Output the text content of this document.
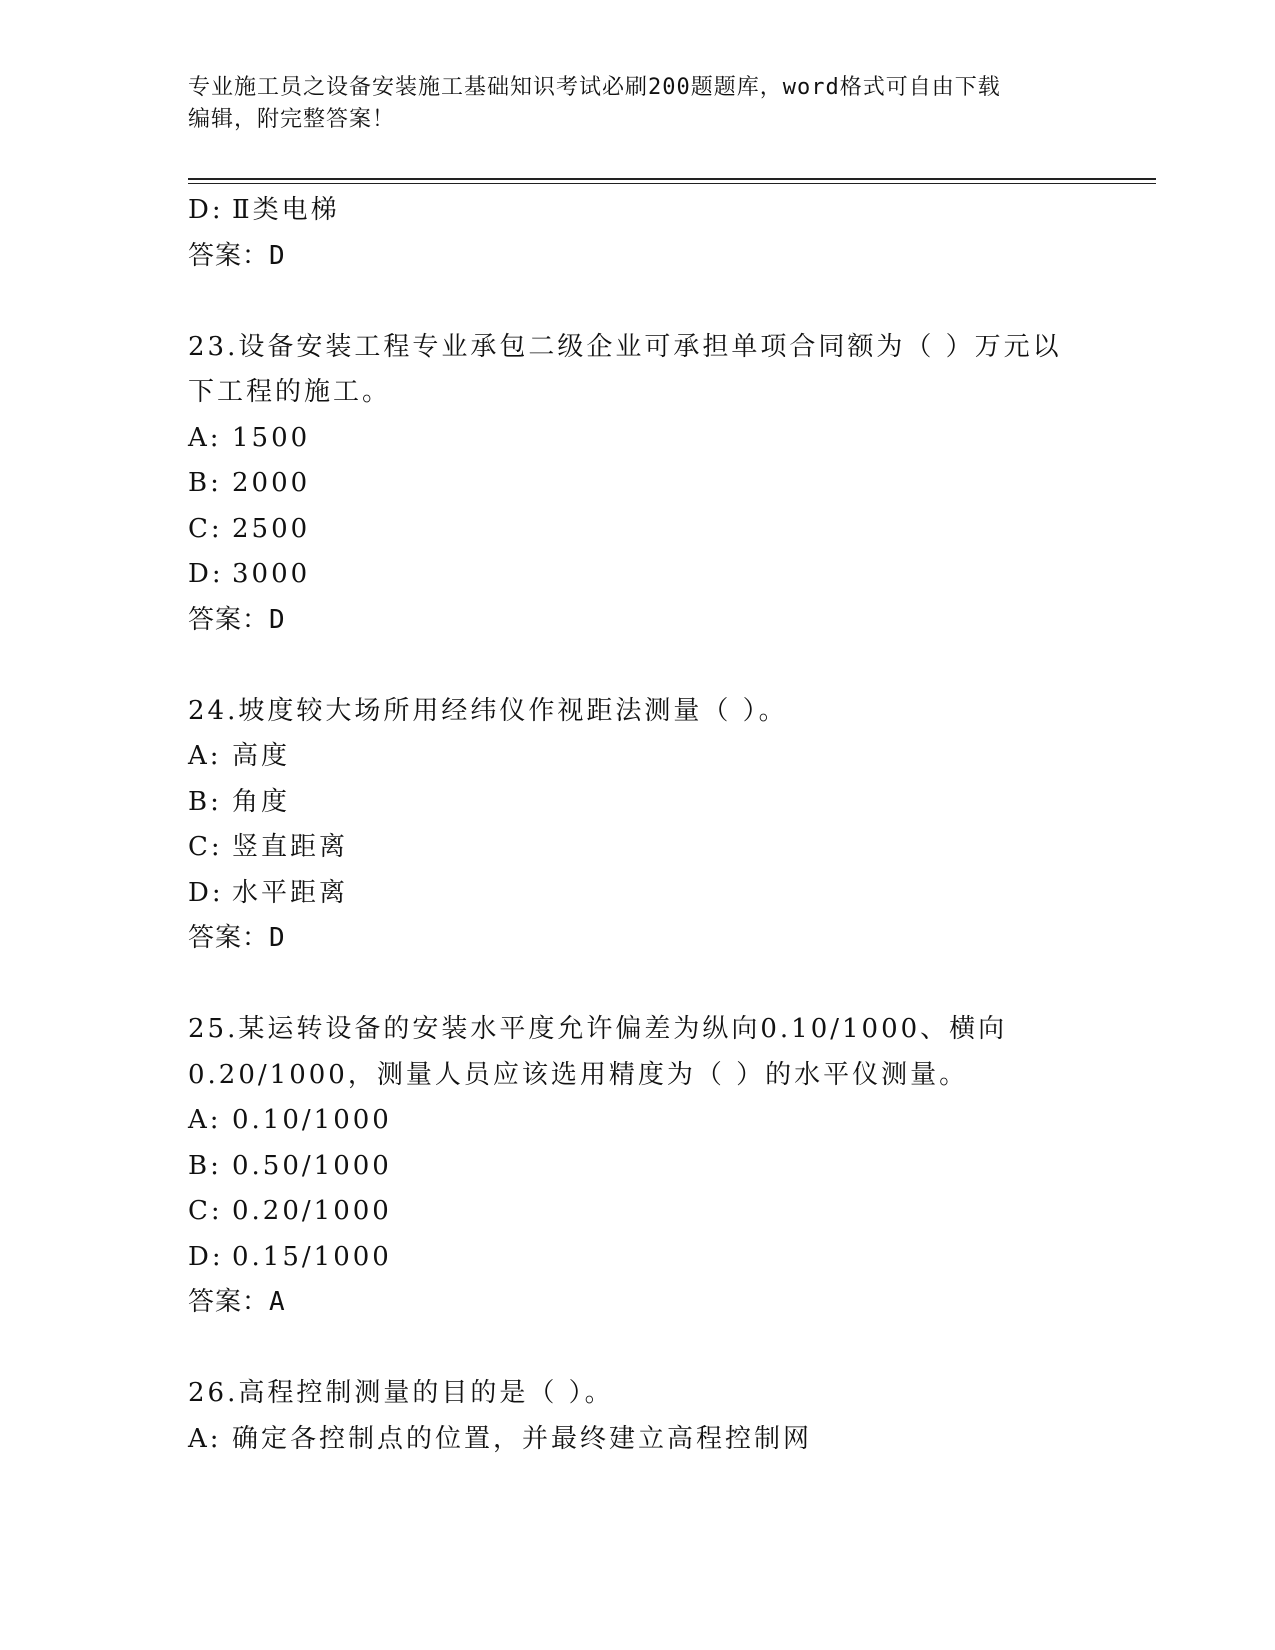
专业施工员之设备安装施工基础知识考试必刷200题题库，word格式可自由下载
编辑，附完整答案！
D: Ⅱ类电梯
答案：D
23.设备安装工程专业承包二级企业可承担单项合同额为（ ）万元以
下工程的施工。
A: 1500
B: 2000
C: 2500
D: 3000
答案：D
24.坡度较大场所用经纬仪作视距法测量（ ）。
A: 高度
B: 角度
C: 竖直距离
D: 水平距离
答案：D
25.某运转设备的安装水平度允许偏差为纵向0.10/1000、横向
0.20/1000，测量人员应该选用精度为（ ）的水平仪测量。
A: 0.10/1000
B: 0.50/1000
C: 0.20/1000
D: 0.15/1000
答案：A
26.高程控制测量的目的是（ ）。
A: 确定各控制点的位置，并最终建立高程控制网
